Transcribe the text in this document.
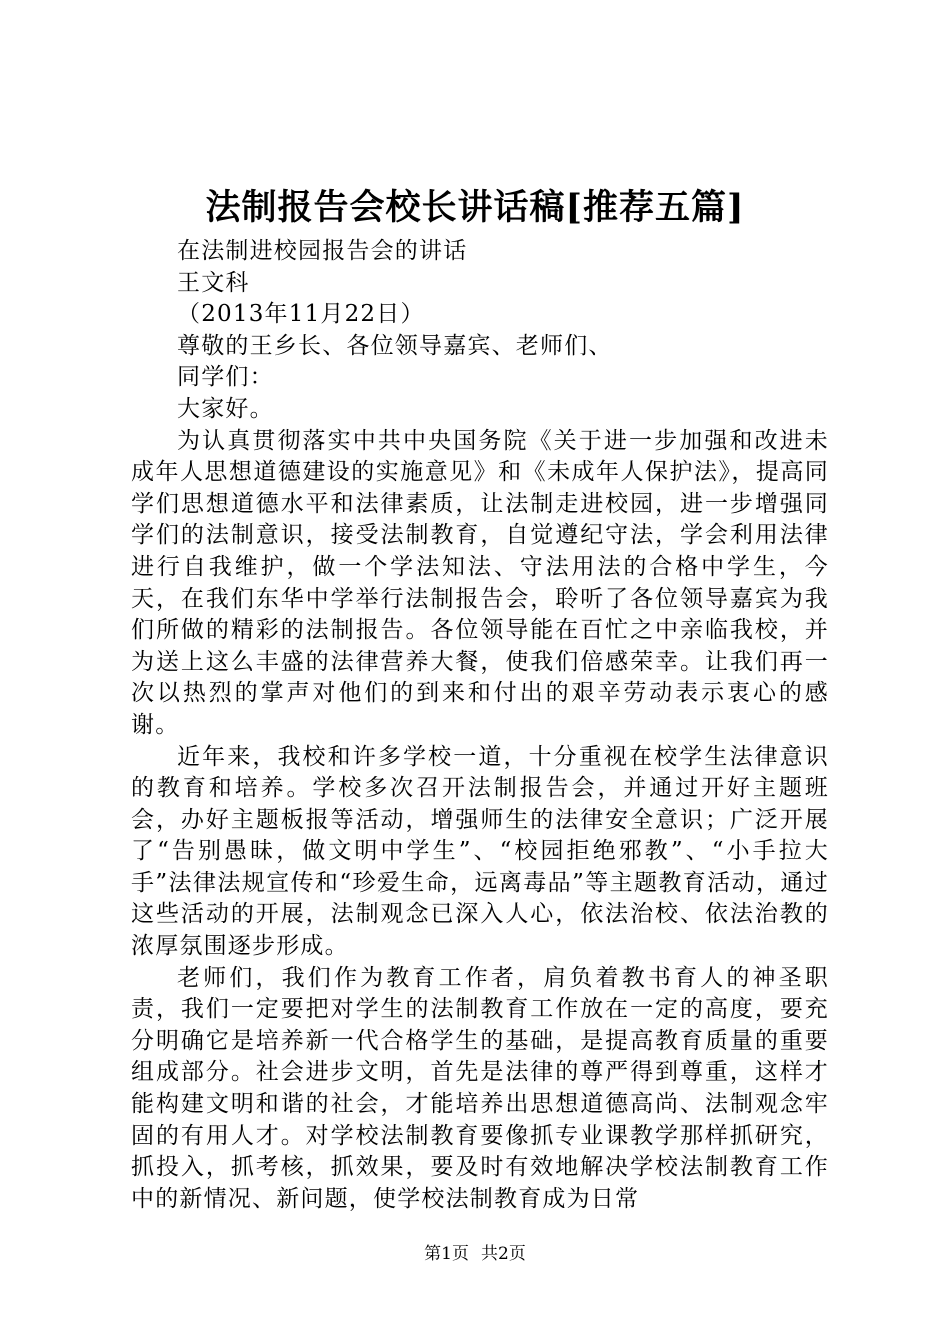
法制报告会校长讲话稿[推荐五篇]

在法制进校园报告会的讲话

王文科

（2013年11月22日）

尊敬的王乡长、各位领导嘉宾、老师们、

同学们：

大家好。

为认真贯彻落实中共中央国务院《关于进一步加强和改进未成年人思想道德建设的实施意见》和《未成年人保护法》，提高同学们思想道德水平和法律素质，让法制走进校园，进一步增强同学们的法制意识，接受法制教育，自觉遵纪守法，学会利用法律进行自我维护，做一个学法知法、守法用法的合格中学生，今天，在我们东华中学举行法制报告会，聆听了各位领导嘉宾为我们所做的精彩的法制报告。各位领导能在百忙之中亲临我校，并为送上这么丰盛的法律营养大餐，使我们倍感荣幸。让我们再一次以热烈的掌声对他们的到来和付出的艰辛劳动表示衷心的感谢。

近年来，我校和许多学校一道，十分重视在校学生法律意识的教育和培养。学校多次召开法制报告会，并通过开好主题班会，办好主题板报等活动，增强师生的法律安全意识；广泛开展了“告别愚昧，做文明中学生”、“校园拒绝邪教”、“小手拉大手”法律法规宣传和“珍爱生命，远离毒品”等主题教育活动，通过这些活动的开展，法制观念已深入人心，依法治校、依法治教的浓厚氛围逐步形成。

老师们，我们作为教育工作者，肩负着教书育人的神圣职责，我们一定要把对学生的法制教育工作放在一定的高度，要充分明确它是培养新一代合格学生的基础，是提高教育质量的重要组成部分。社会进步文明，首先是法律的尊严得到尊重，这样才能构建文明和谐的社会，才能培养出思想道德高尚、法制观念牢固的有用人才。对学校法制教育要像抓专业课教学那样抓研究，抓投入，抓考核，抓效果，要及时有效地解决学校法制教育工作中的新情况、新问题，使学校法制教育成为日常

第1页 共2页
